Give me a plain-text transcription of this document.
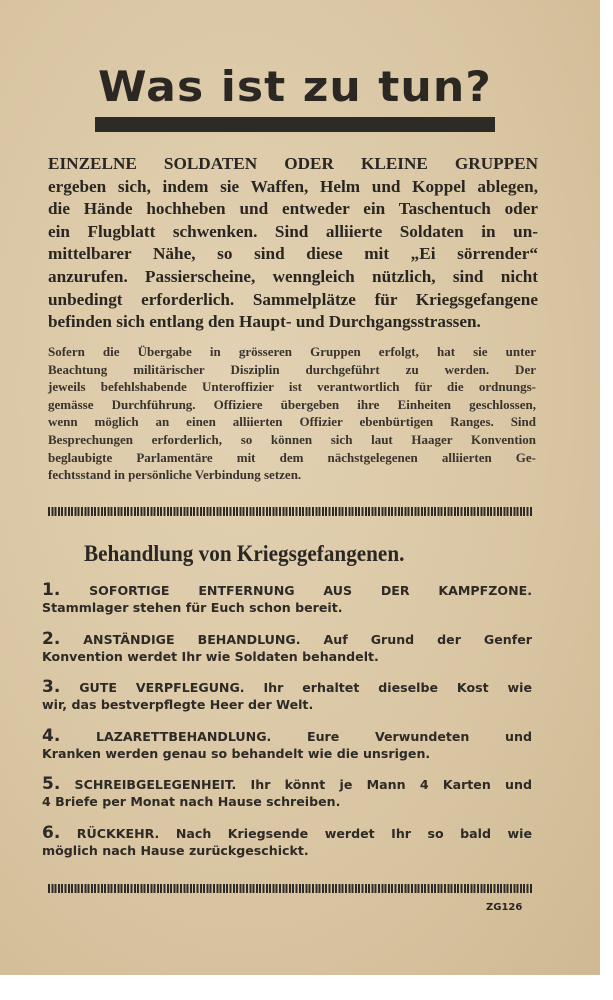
Was ist zu tun?
EINZELNE SOLDATEN ODER KLEINE GRUPPEN
ergeben sich, indem sie Waffen, Helm und Koppel ablegen,
die Hände hochheben und entweder ein Taschentuch oder
ein Flugblatt schwenken. Sind alliierte Soldaten in un-
mittelbarer Nähe, so sind diese mit „Ei sörrender“
anzurufen. Passierscheine, wenngleich nützlich, sind nicht
unbedingt erforderlich. Sammelplätze für Kriegsgefangene
befinden sich entlang den Haupt- und Durchgangsstrassen.
Sofern die Übergabe in grösseren Gruppen erfolgt, hat sie unter
Beachtung militärischer Disziplin durchgeführt zu werden. Der
jeweils befehlshabende Unteroffizier ist verantwortlich für die ordnungs-
gemässe Durchführung. Offiziere übergeben ihre Einheiten geschlossen,
wenn möglich an einen alliierten Offizier ebenbürtigen Ranges. Sind
Besprechungen erforderlich, so können sich laut Haager Konvention
beglaubigte Parlamentäre mit dem nächstgelegenen alliierten Ge-
fechtsstand in persönliche Verbindung setzen.
Behandlung von Kriegsgefangenen.
1. SOFORTIGE ENTFERNUNG AUS DER KAMPFZONE.
Stammlager stehen für Euch schon bereit.
2. ANSTÄNDIGE BEHANDLUNG. Auf Grund der Genfer
Konvention werdet Ihr wie Soldaten behandelt.
3. GUTE VERPFLEGUNG. Ihr erhaltet dieselbe Kost wie
wir, das bestverpflegte Heer der Welt.
4.	LAZARETTBEHANDLUNG. Eure Verwundeten und
Kranken werden genau so behandelt wie die unsrigen.
5. SCHREIBGELEGENHEIT. Ihr könnt je Mann 4 Karten und
4 Briefe per Monat nach Hause schreiben.
6. RÜCKKEHR. Nach Kriegsende werdet Ihr so bald wie
möglich nach Hause zurückgeschickt.
ZG126
